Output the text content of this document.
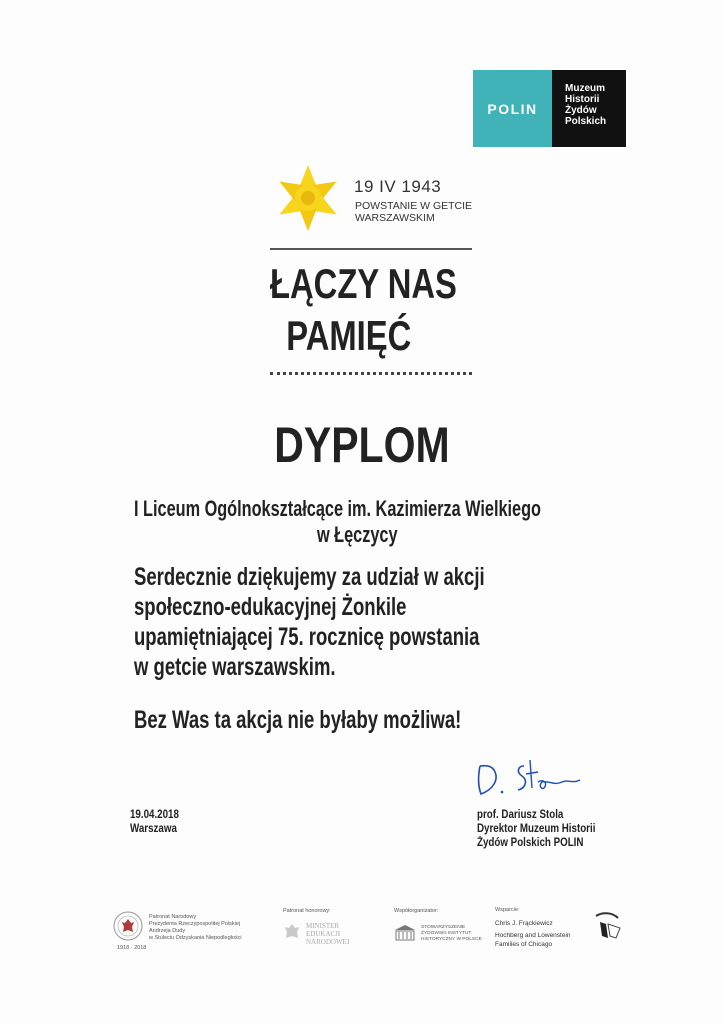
POLIN
Muzeum
Historii
Żydów
Polskich
19 IV 1943
POWSTANIE W GETCIE
WARSZAWSKIM
ŁĄCZY NAS
PAMIĘĆ
DYPLOM
I Liceum Ogólnokształcące im. Kazimierza Wielkiego
w Łęczycy
Serdecznie dziękujemy za udział w akcji
społeczno-edukacyjnej Żonkile
upamiętniającej 75. rocznicę powstania
w getcie warszawskim.
Bez Was ta akcja nie byłaby możliwa!
19.04.2018
Warszawa
prof. Dariusz Stola
Dyrektor Muzeum Historii
Żydów Polskich POLIN
1918 · 2018
Patronat Narodowy
Prezydenta Rzeczypospolitej Polskiej
Andrzeja Dudy
w Stuleciu Odzyskania Niepodległości
Patronat honorowy:
MINISTER
EDUKACJI
NARODOWEJ
Współorganizator:
STOWARZYSZENIE
ŻYDOWSKI INSTYTUT
HISTORYCZNY W POLSCE
Wsparcie:
Chris J. Frąckiewicz
Hochberg and Lowenstein
Families of Chicago
